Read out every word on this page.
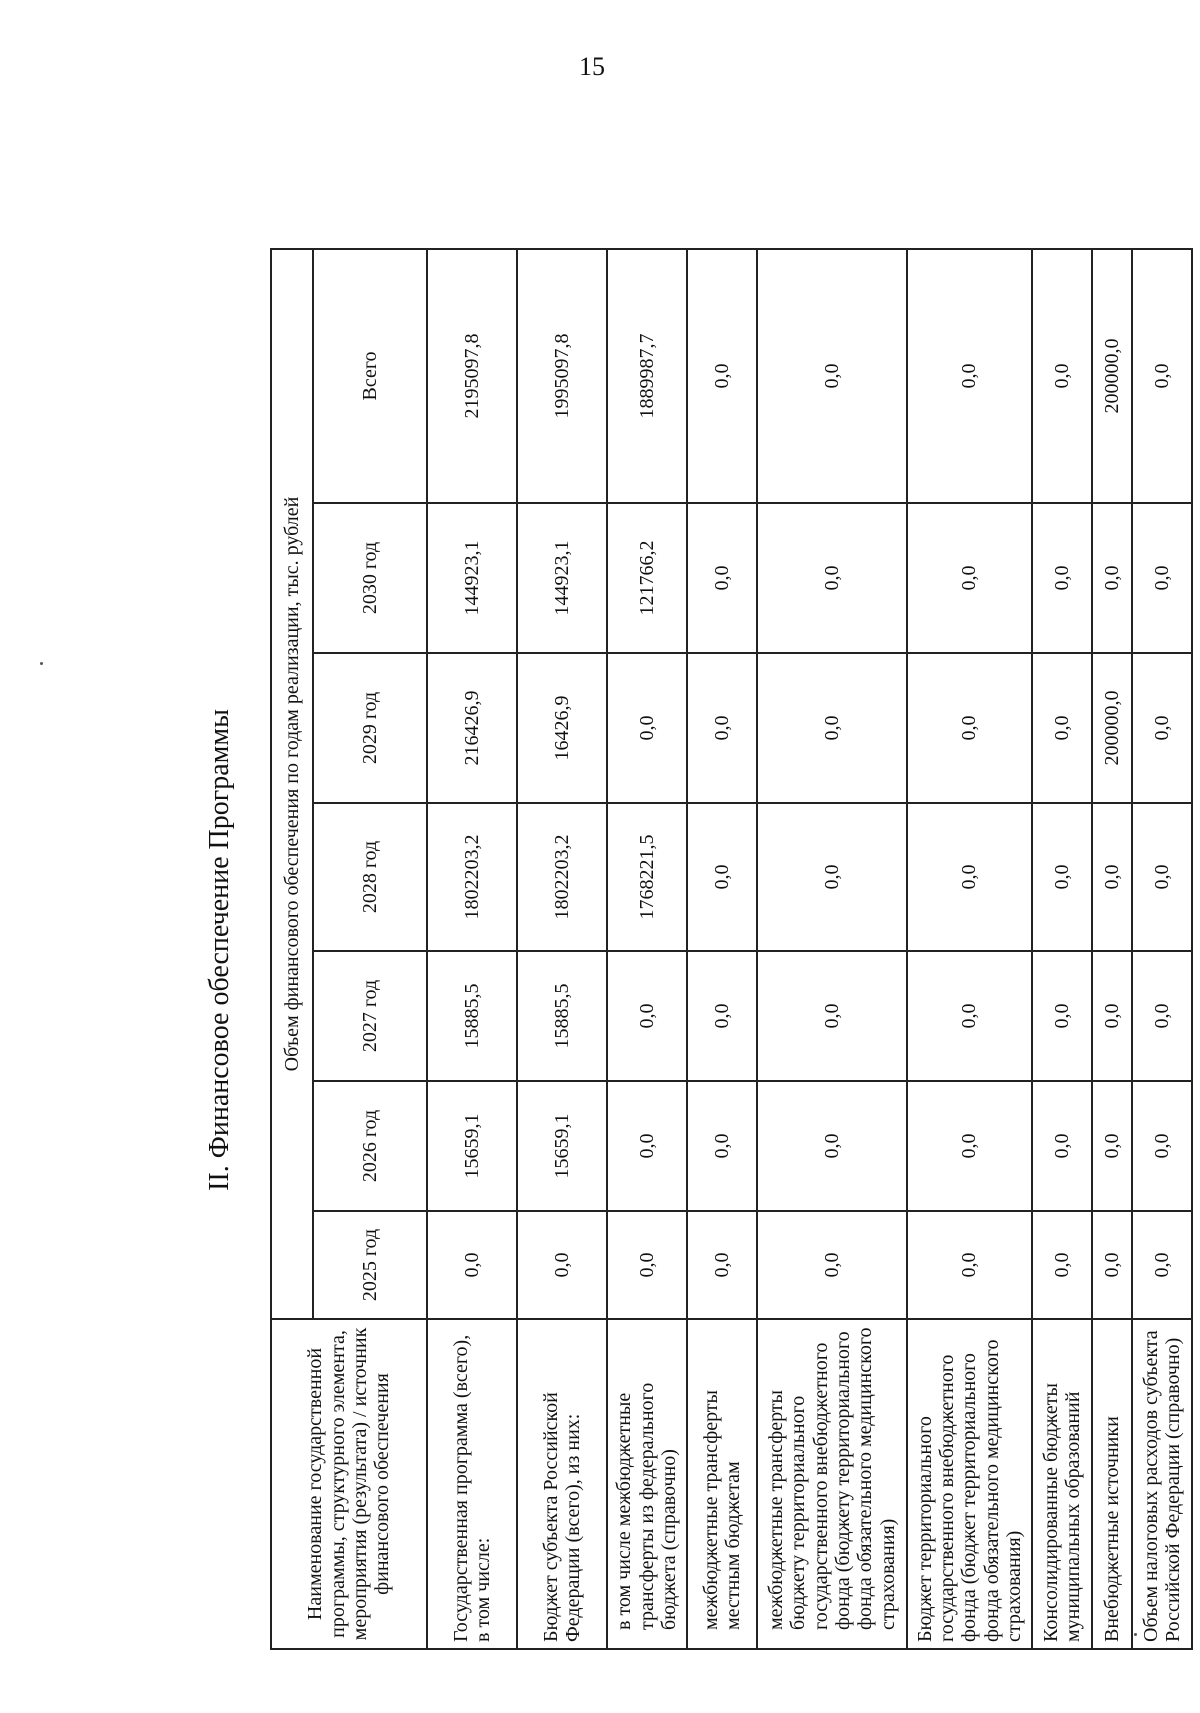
15
II. Финансовое обеспечение Программы
Наименование государственной программы, структурного элемента, мероприятия (результата) / источник финансового обеспечения	Объем финансового обеспечения по годам реализации, тыс. рублей						
	2025 год	2026 год	2027 год	2028 год	2029 год	2030 год	Всего
Государственная программа (всего), в том числе:	0,0	15659,1	15885,5	1802203,2	216426,9	144923,1	2195097,8
Бюджет субъекта Российской Федерации (всего), из них:	0,0	15659,1	15885,5	1802203,2	16426,9	144923,1	1995097,8
в том числе межбюджетные трансферты из федерального бюджета (справочно)	0,0	0,0	0,0	1768221,5	0,0	121766,2	1889987,7
межбюджетные трансферты местным бюджетам	0,0	0,0	0,0	0,0	0,0	0,0	0,0
межбюджетные трансферты бюджету территориального государственного внебюджетного фонда (бюджету территориального фонда обязательного медицинского страхования)	0,0	0,0	0,0	0,0	0,0	0,0	0,0
Бюджет территориального государственного внебюджетного фонда (бюджет территориального фонда обязательного медицинского страхования)	0,0	0,0	0,0	0,0	0,0	0,0	0,0
Консолидированные бюджеты муниципальных образований	0,0	0,0	0,0	0,0	0,0	0,0	0,0
Внебюджетные источники	0,0	0,0	0,0	0,0	200000,0	0,0	200000,0
Объем налоговых расходов субъекта Российской Федерации (справочно)	0,0	0,0	0,0	0,0	0,0	0,0	0,0
